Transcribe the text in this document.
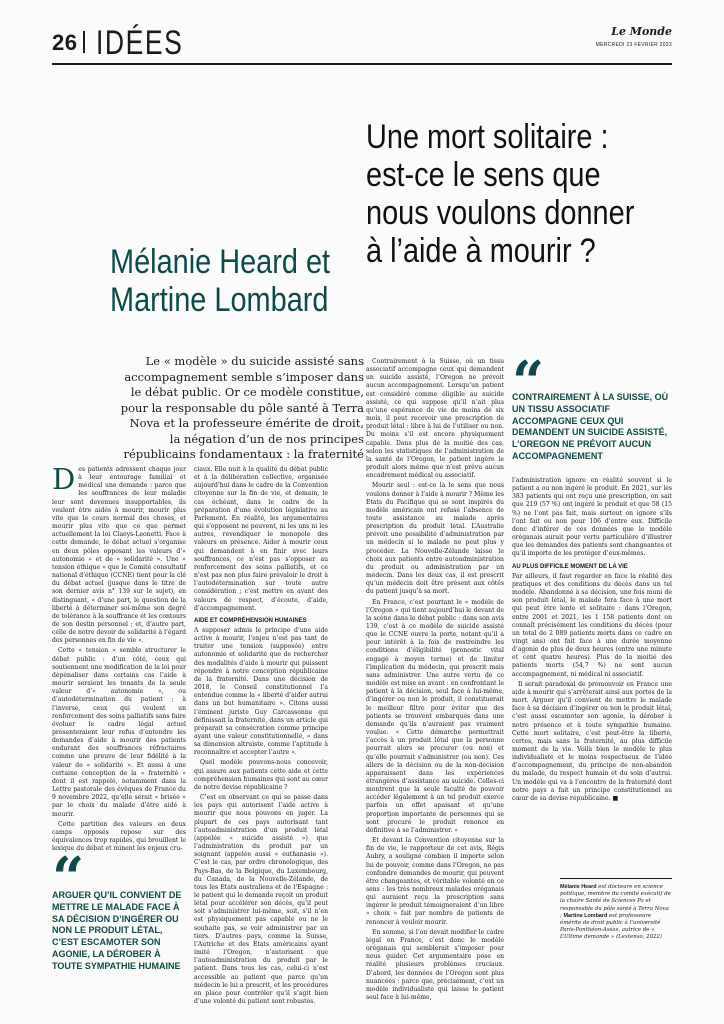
26 IDÉES	Le Monde
MERCREDI 23 FÉVRIER 2023
Une mort solitaire : est-ce le sens que nous voulons donner à l’aide à mourir ?
Mélanie Heard et
Martine Lombard
Le « modèle » du suicide assisté sans accompagnement semble s’imposer dans le débat public. Or ce modèle constitue, pour la responsable du pôle santé à Terra Nova et la professeure émérite de droit, la négation d’un de nos principes républicains fondamentaux : la fraternité

Des patients adressent chaque jour à leur entourage familial et médical une demande : parce que les souffrances de leur maladie leur sont devenues insupportables, ils veulent être aidés à mourir, mourir plus vite que le cours normal des choses, et mourir plus vite que ce que permet actuellement la loi Claeys-Leonetti. Face à cette demande, le débat actuel s’organise en deux pôles opposant les valeurs d’« autonomie » et de « solidarité ». Une « tension éthique » que le Comité consultatif national d’éthique (CCNE) tient pour la clé du débat actuel (jusque dans le titre de son dernier avis n° 139 sur le sujet), en distinguant, « d’une part, le question de la liberté à déterminer soi-même son degré de tolérance à la souffrance et les contours de son destin personnel ; et, d’autre part, celle de notre devoir de solidarité à l’égard des personnes en fin de vie ».

Cette « tension » semble structurer le débat public : d’un côté, ceux qui soutiennent une modification de la loi pour dépénaliser dans certains cas l’aide à mourir seraient les tenants de la seule valeur d’« autonomie », ou d’autodétermination du patient ; à l’inverse, ceux qui veulent un renforcement des soins palliatifs sans faire évoluer le cadre légal actuel présenteraient leur refus d’entendre les demandes d’aide à mourir des patients endurant des souffrances réfractaires comme une preuve de leur fidélité à la valeur de « solidarité ». Et aussi à une certaine conception de la « fraternité » dont il est rappelé, notamment dans la Lettre pastorale des évêques de France du 9 novembre 2022, qu’elle serait « brisée » par le choix du malade d’être aidé à mourir.

Cette partition des valeurs en deux camps opposés repose sur des équivalences trop rapides, qui brouillent le lexique du débat et minent les enjeux cru-

ciaux. Elle nuit à la qualité du débat public et à la délibération collective, organisée aujourd’hui dans le cadre de la Convention citoyenne sur la fin de vie, et demain, le cas échéant, dans le cadre de la préparation d’une évolution législative au Parlement. En réalité, les argumentaires qui s’opposent ne peuvent, ni les uns ni les autres, revendiquer le monopole des valeurs en présence. Aider à mourir ceux qui demandent à en finir avec leurs souffrances, ce n’est pas s’opposer au renforcement des soins palliatifs, et ce n’est pas non plus faire prévaloir le droit à l’autodétermination sur toute autre considération ; c’est mettre en avant des valeurs de respect, d’écoute, d’aide, d’accompagnement.

AIDE ET COMPRÉHENSION HUMAINES

A supposer admis le principe d’une aide active à mourir, l’enjeu n’est pas tant de traiter une tension (supposée) entre autonomie et solidarité que de rechercher des modalités d’aide à mourir qui puissent répondre à notre conception républicaine de la fraternité. Dans une décision de 2018, le Conseil constitutionnel l’a entendue comme la « liberté d’aider autrui dans un but humanitaire ». Citons aussi l’éminent juriste Guy Carcassonne qui définissait la fraternité, dans un article qui préparait sa consécration comme principe ayant une valeur constitutionnelle, « dans sa dimension altruiste, comme l’aptitude à reconnaître et accepter l’autre ».

Quel modèle pouvons-nous concevoir, qui assure aux patients cette aide et cette compréhension humaines qui sont au cœur de notre devise républicaine ?

C’est en observant ce qui se passe dans les pays qui autorisent l’aide active à mourir que nous pouvons en juger. La plupart de ces pays autorisant tant l’autoadministration d’un produit létal (appelée « suicide assisté ») que l’administration du produit par un soignant (appelée aussi « euthanasie »). C’est le cas, par ordre chronologique, des Pays-Bas, de la Belgique, du Luxembourg, du Canada, de la Nouvelle-Zélande, de tous les Etats australiens et de l’Espagne : le patient qui le demande reçoit un produit létal pour accélérer son décès, qu’il peut soit s’administrer lui-même, soit, s’il n’en est physiquement pas capable ou ne le souhaite pas, se voir administrer par un tiers. D’autres pays, comme la Suisse, l’Autriche et des Etats américains ayant imité l’Oregon, n’autorisent que l’autoadministration du produit par le patient. Dans tous les cas, celui-ci n’est accessible au patient que parce qu’un médecin le lui a prescrit, et les procédures en place pour contrôler qu’il s’agit bien d’une volonté du patient sont robustes.

Contrairement à la Suisse, où un tissu associatif accompagne ceux qui demandent un suicide assisté, l’Oregon ne prévoit aucun accompagnement. Lorsqu’un patient est considéré comme éligible au suicide assisté, ce qui suppose qu’il n’ait plus qu’une espérance de vie de moins de six mois, il peut recevoir une prescription de produit létal : libre à lui de l’utiliser ou non. Du moins s’il est encore physiquement capable. Dans plus de la moitié des cas, selon les statistiques de l’administration de la santé de l’Oregon, le patient ingère le produit alors même que n’est prévu aucun encadrement médical ou associatif.

Mourir seul : est-ce là le sens que nous voulons donner à l’aide à mourir ? Même les Etats du Pacifique qui se sont inspirés du modèle américain ont refusé l’absence de toute assistance au malade après prescription du produit létal. L’Australie prévoit une possibilité d’administration par un médecin si le malade ne peut plus y procéder. La Nouvelle-Zélande laisse le choix aux patients entre autoadministration du produit ou administration par un médecin. Dans les deux cas, il est prescrit qu’un médecin doit être présent aux côtés du patient jusqu’à sa mort.

En France, c’est pourtant le « modèle de l’Oregon » qui tient aujourd’hui le devant de la scène dans le débat public : dans son avis 139, c’est à ce modèle de suicide assisté que le CCNE ouvre la porte, notant qu’il a pour intérêt à la fois de restreindre les conditions d’éligibilité (pronostic vital engagé à moyen terme) et de limiter l’implication du médecin, qui prescrit mais sans administrer. Une autre vertu de ce modèle est mise en avant : en confrontant le patient à la décision, seul face à lui-même, d’ingérer ou non le produit, il constituerait le meilleur filtre pour éviter que des patients se trouvent embarqués dans une demande qu’ils n’auraient pas vraiment voulue. « Cette démarche permettrait l’accès à un produit létal que la personne pourrait alors se procurer (ou non) et qu’elle pourrait s’administrer (ou non). Ces allers de la décision ou de la non-décision apparaissent dans les expériences étrangères d’assistance au suicide. Celles-ci montrent que la seule faculté de pouvoir accéder légalement à un tel produit exerce parfois un effet apaisant et qu’une proportion importante de personnes qui se sont procuré le produit renonce en définitive à se l’administrer. »

Et devant la Convention citoyenne sur la fin de vie, le rapporteur de cet avis, Régis Aubry, a souligné combien il importe selon lui de pouvoir, comme dans l’Oregon, ne pas confondre demandes de mourir, qui peuvent être changeantes, et véritable volonté en ce sens : les très nombreux malades oréganais qui auraient reçu la prescription sans ingérer le produit témoigneraient d’un libre « choix » fait par nombre de patients de renoncer à vouloir mourir.

En somme, si l’on devait modifier le cadre légal en France, c’est donc le modèle oréganais qui semblerait s’imposer pour nous guider. Cet argumentaire pose en réalité plusieurs problèmes cruciaux. D’abord, les données de l’Oregon sont plus nuancées : parce que, précisément, c’est un modèle individualiste qui laisse le patient seul face à lui-même,

“
CONTRAIREMENT À LA SUISSE, OÙ UN TISSU ASSOCIATIF ACCOMPAGNE CEUX QUI DEMANDENT UN SUICIDE ASSISTÉ, L’OREGON NE PRÉVOIT AUCUN ACCOMPAGNEMENT

l’administration ignore en réalité souvent si le patient a ou non ingéré le produit. En 2021, sur les 383 patients qui ont reçu une prescription, on sait que 219 (57 %) ont ingéré le produit et que 58 (15 %) ne l’ont pas fait, mais surtout on ignore s’ils l’ont fait ou non pour 106 d’entre eux. Difficile donc d’inférer de ces données que le modèle oréganais aurait pour vertu particulière d’illustrer que les demandes des patients sont changeantes et qu’il importe de les protéger d’eux-mêmes.

AU PLUS DIFFICILE MOMENT DE LA VIE

Par ailleurs, il faut regarder en face la réalité des pratiques et des conditions du décès dans un tel modèle. Abandonné à sa décision, une fois muni de son produit létal, le malade fera face à une mort qui peut être lente et solitaire : dans l’Oregon, entre 2001 et 2021, les 1 158 patients dont on connaît précisément les conditions du décès (pour un total de 2 089 patients morts dans ce cadre en vingt ans) ont fait face à une durée moyenne d’agonie de plus de deux heures (entre une minute et cent quatre heures). Plus de la moitié des patients morts (54,7 %) ne sont aucun accompagnement, ni médical ni associatif.

Il serait paradoxal de promouvoir en France une aide à mourir qui s’arrêterait ainsi aux portes de la mort. Arguer qu’il convient de mettre le malade face à sa décision d’ingérer ou non le produit létal, c’est aussi escamoter son agonie, la dérober à notre présence et à toute sympathie humaine. Cette mort solitaire, c’est peut-être la liberté, certes, mais sans la fraternité, au plus difficile moment de la vie. Voilà bien le modèle le plus individualiste et le moins respectueux de l’idée d’accompagnement, du principe de non-abandon du malade, du respect humain et du soin d’autrui. Un modèle qui va à l’encontre de la fraternité dont notre pays a fait un principe constitutionnel au cœur de sa devise républicaine. ■

“
ARGUER QU’IL CONVIENT DE METTRE LE MALADE FACE À SA DÉCISION D’INGÉRER OU NON LE PRODUIT LÉTAL, C’EST ESCAMOTER SON AGONIE, LA DÉROBER À TOUTE SYMPATHIE HUMAINE
Mélanie Heard est docteure en science politique, membre du comité exécutif de la chaire Santé de Sciences Po et responsable du pôle santé à Terra Nova ; Martine Lombard est professeure émérite de droit public à l’université Paris-Panthéon-Assas, autrice de « L’Ultime demande » (Lextenso, 2022)
